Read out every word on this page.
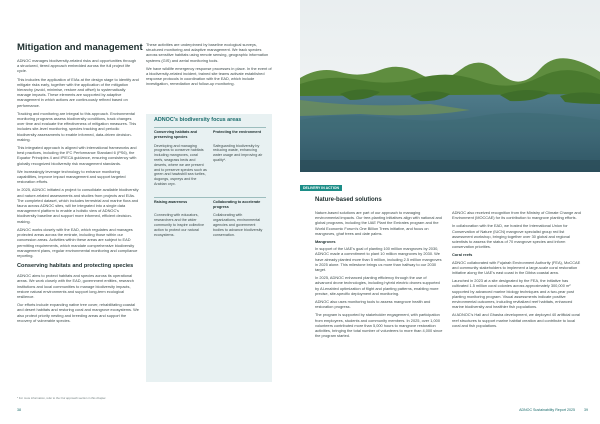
Mitigation and management

ADNOC manages biodiversity-related risks and opportunities through a structured, tiered approach embedded across the full project life cycle.

This includes the application of EIAs at the design stage to identify and mitigate risks early, together with the application of the mitigation hierarchy (avoid, minimise, restore and offset) to systematically manage impacts. These elements are supported by adaptive management in which actions are continuously refined based on performance.

Tracking and monitoring are integral to this approach. Environmental monitoring programs assess biodiversity conditions, track changes over time and evaluate the effectiveness of mitigation measures. This includes site-level monitoring, species tracking and periodic biodiversity assessments to enable informed, data-driven decision-making.

This integrated approach is aligned with international frameworks and best practices, including the IFC Performance Standard 6 (PS6), the Equator Principles 4 and IPIECA guidance, ensuring consistency with globally recognized biodiversity risk management standards.

We increasingly leverage technology to enhance monitoring capabilities, improve impact management and support targeted restoration efforts.

In 2025, ADNOC initiated a project to consolidate available biodiversity and nature-related assessments and studies from projects and EIAs. The completed dataset, which includes terrestrial and marine flora and fauna across ADNOC sites, will be integrated into a single data management platform to enable a holistic view of ADNOC's biodiversity baseline and support more informed, efficient decision-making.

ADNOC works closely with the EAD, which regulates and manages protected areas across the emirate, including those within our concession areas. Activities within these areas are subject to EAD permitting requirements, which mandate comprehensive biodiversity management plans, regular environmental monitoring and compliance reporting.

Conserving habitats and protecting species

ADNOC aims to protect habitats and species across its operational areas. We work closely with the EAD, government entities, research institutions and local communities to manage biodiversity impacts, restore natural environments and support long-term ecological resilience.

Our efforts include expanding native tree cover, rehabilitating coastal and desert habitats and restoring coral and mangrove ecosystems. We also protect priority nesting and breeding areas and support the recovery of vulnerable species.

These activities are underpinned by baseline ecological surveys, structured monitoring and adaptive management. We track species across sensitive habitats using remote sensing, geographic information systems (GIS) and aerial monitoring tools.

We have wildlife emergency response processes in place. In the event of a biodiversity-related incident, trained site teams activate established response protocols in coordination with the EAD, which include investigation, remediation and follow-up monitoring.

ADNOC's biodiversity focus areas
Conserving habitats and preserving species
Protecting the environment
Developing and managing programs to conserve habitats including mangroves, coral reefs, seagrass beds and deserts, where we are present and to preserve species such as green and hawksbill sea turtles, dugongs, ospreys and the Arabian oryx.
Safeguarding biodiversity by reducing waste, enhancing water usage and improving air quality*.
Raising awareness	Collaborating to accelerate progress
Connecting with educators, researchers and the wider community to inspire collective action to protect our natural ecosystems.
Collaborating with organizations, environmental agencies and government bodies to advance biodiversity conservation.
DELIVERY IN ACTION
Nature-based solutions

Nature-based solutions are part of our approach to managing environmental impacts. Our tree-planting initiatives align with national and global programs, including the UAE Plant the Emirates program and the World Economic Forum's One Billion Trees initiative, and focus on mangroves, ghaf trees and date palms.

Mangroves

In support of the UAE's goal of planting 100 million mangroves by 2030, ADNOC made a commitment to plant 10 million mangroves by 2030. We have already planted more than 5 million, including 2.5 million mangroves in 2025 alone. This milestone brings us more than halfway to our 2030 target.

In 2025, ADNOC enhanced planting efficiency through the use of advanced drone technologies, including hybrid electric drones supported by AI-enabled optimization of flight and planting patterns, enabling more precise, site-specific deployment and monitoring.

ADNOC also uses monitoring tools to assess mangrove health and restoration progress.

The program is supported by stakeholder engagement, with participation from employees, students and community members. In 2025, over 1,000 volunteers contributed more than 5,000 hours to mangrove restoration activities, bringing the total number of volunteers to more than 4,000 since the program started.

ADNOC also received recognition from the Ministry of Climate Change and Environment (MOCCAE) for its contribution to mangrove planting efforts.

In collaboration with the EAD, we hosted the International Union for Conservation of Nature (IUCN) mangrove specialist group red list assessment workshop, bringing together over 30 global and regional scientists to assess the status of 70 mangrove species and inform conservation priorities.

Coral reefs

ADNOC collaborated with Fujairah Environment Authority (FEA), MoCCAE and community stakeholders to implement a large-scale coral restoration initiative along the UAE's east coast in the Dibba coastal area.

Launched in 2023 at a site designated by the FEA, the initiative has cultivated 1.5 million coral colonies across approximately 300,000 m² supported by advanced marine biology techniques and a two-year post planting monitoring program. Visual assessments indicate positive environmental outcomes, including revitalized reef habitats, enhanced marine biodiversity and healthier fish populations.

At ADNOC's Hail and Ghasha development, we deployed 40 artificial coral reef structures to support marine habitat creation and contribute to local coral and fish populations.

* For more information, refer to the Our approach section in this chapter.
38	ADNOC Sustainability Report 2025	39
